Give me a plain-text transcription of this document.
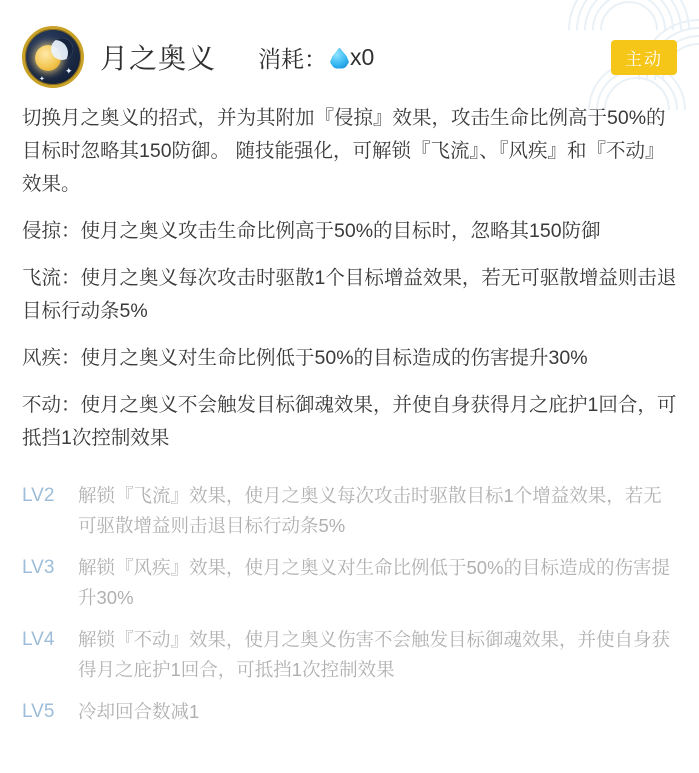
✦
✦
月之奥义 消耗： x0	主动

切换月之奥义的招式，并为其附加『侵掠』效果，攻击生命比例高于50%的目标时忽略其150防御。 随技能强化，可解锁『飞流』、『风疾』和『不动』效果。

侵掠：使月之奥义攻击生命比例高于50%的目标时，忽略其150防御

飞流：使月之奥义每次攻击时驱散1个目标增益效果，若无可驱散增益则击退目标行动条5%

风疾：使月之奥义对生命比例低于50%的目标造成的伤害提升30%

不动：使月之奥义不会触发目标御魂效果，并使自身获得月之庇护1回合，可抵挡1次控制效果

LV2	解锁『飞流』效果，使月之奥义每次攻击时驱散目标1个增益效果，若无可驱散增益则击退目标行动条5%
LV3	解锁『风疾』效果，使月之奥义对生命比例低于50%的目标造成的伤害提升30%
LV4	解锁『不动』效果，使月之奥义伤害不会触发目标御魂效果，并使自身获得月之庇护1回合，可抵挡1次控制效果
LV5	冷却回合数减1
